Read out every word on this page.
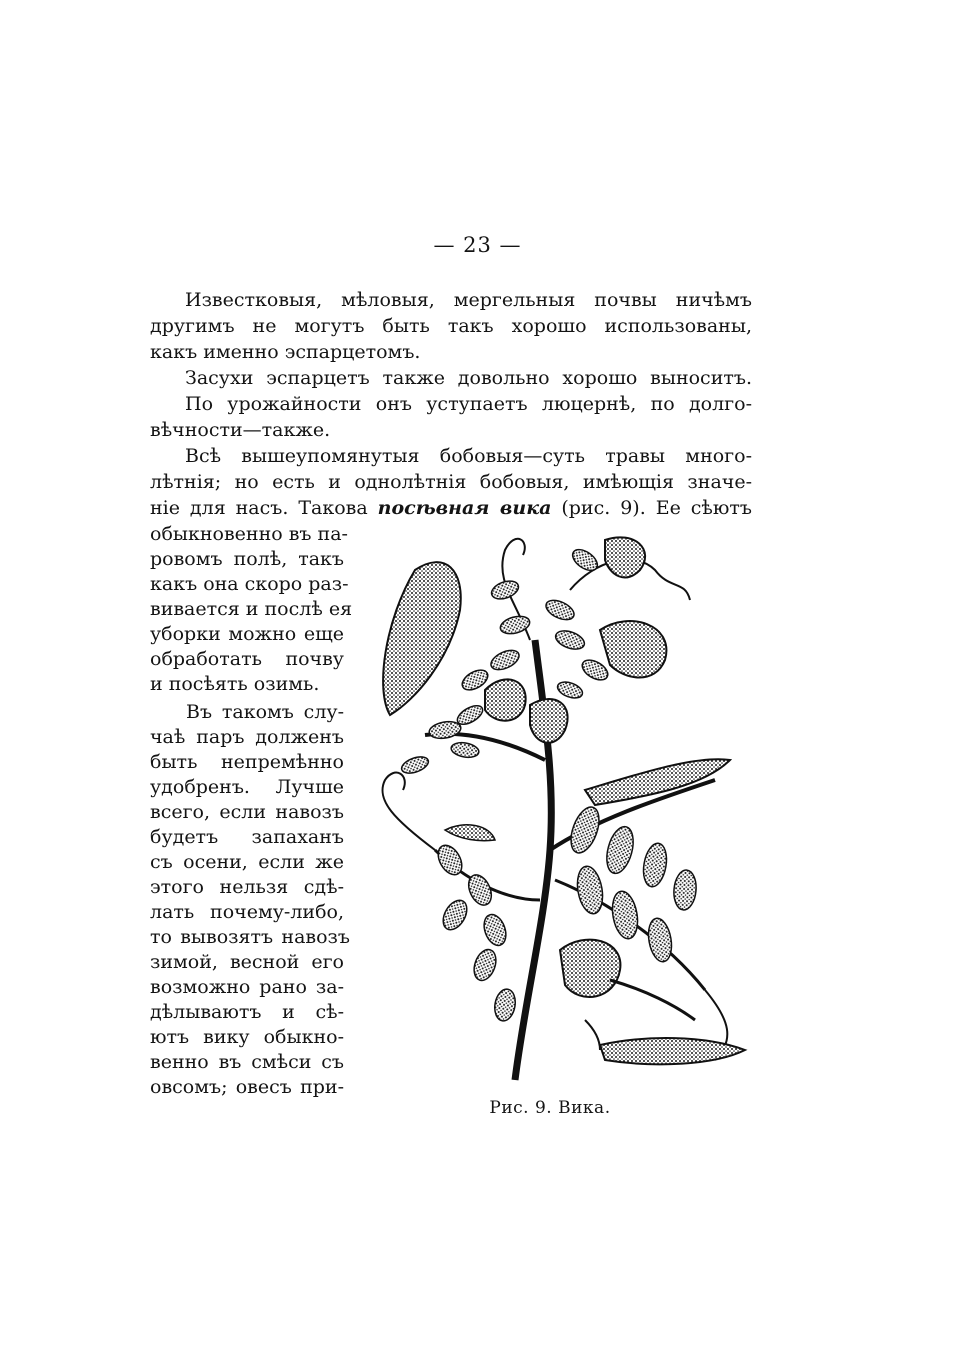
— 23 —
Известковыя, мѣловыя, мергельныя почвы ничѣмъ
другимъ не могутъ быть такъ хорошо использованы,
какъ именно эспарцетомъ.
Засухи эспарцетъ также довольно хорошо выноситъ.
По урожайности онъ уступаетъ люцернѣ, по долго-
вѣчности—также.
Всѣ вышеупомянутыя бобовыя—суть травы много-
лѣтнія; но есть и однолѣтнія бобовыя, имѣющія значе-
ніе для насъ. Такова посѣвная вика (рис. 9). Ее сѣютъ
обыкновенно въ па-
ровомъ полѣ, такъ
какъ она скоро раз-
вивается и послѣ ея
уборки можно еще
обработать почву
и посѣять озимь.
Въ такомъ слу-
чаѣ паръ долженъ
быть непремѣнно
удобренъ. Лучше
всего, если навозъ
будетъ запаханъ
съ осени, если же
этого нельзя сдѣ-
лать почему-либо,
то вывозятъ навозъ
зимой, весной его
возможно рано за-
дѣлываютъ и сѣ-
ютъ вику обыкно-
венно въ смѣси съ
овсомъ; овесъ при-
Рис. 9. Вика.
